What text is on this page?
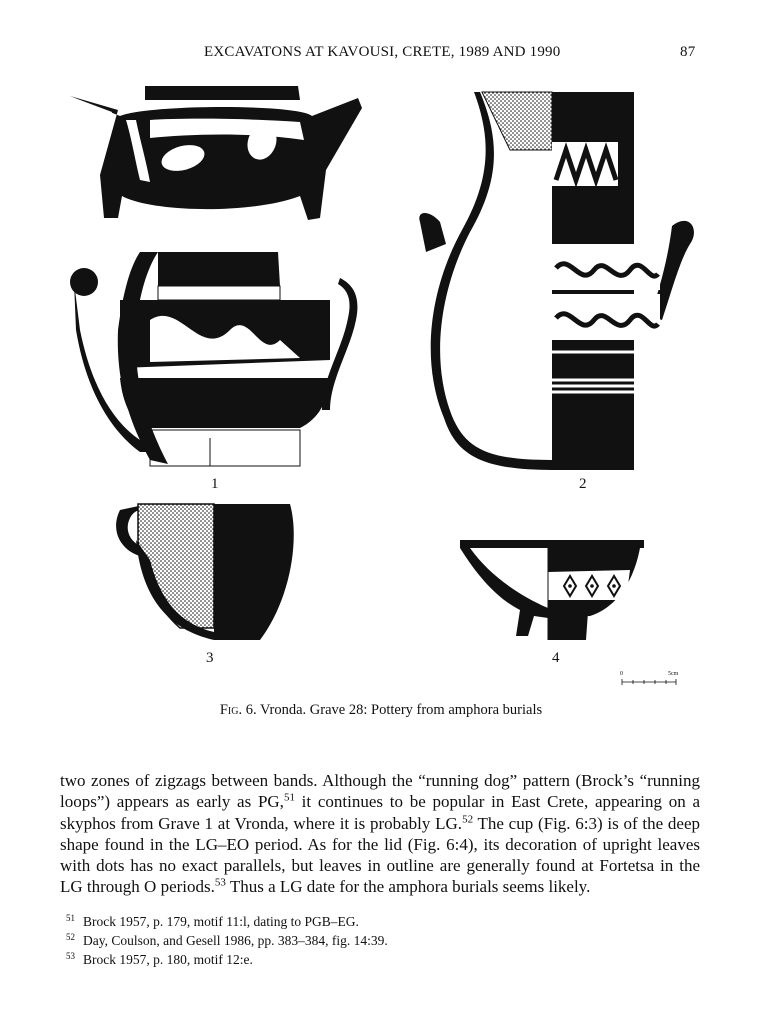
EXCAVATONS AT KAVOUSI, CRETE, 1989 AND 1990	87
1	2
3	4
0	5cm
Fig. 6. Vronda. Grave 28: Pottery from amphora burials

two zones of zigzags between bands. Although the “running dog” pattern (Brock’s “running loops”) appears as early as PG,$^{51}$ it continues to be popular in East Crete, appearing on a skyphos from Grave 1 at Vronda, where it is probably LG.$^{52}$ The cup (Fig. 6:3) is of the deep shape found in the LG–EO period. As for the lid (Fig. 6:4), its decoration of upright leaves with dots has no exact parallels, but leaves in outline are generally found at Fortetsa in the LG through O periods.$^{53}$ Thus a LG date for the amphora burials seems likely.

$^{51}$ Brock 1957, p. 179, motif 11:l, dating to PGB–EG.
$^{52}$ Day, Coulson, and Gesell 1986, pp. 383–384, fig. 14:39.
$^{53}$ Brock 1957, p. 180, motif 12:e.
